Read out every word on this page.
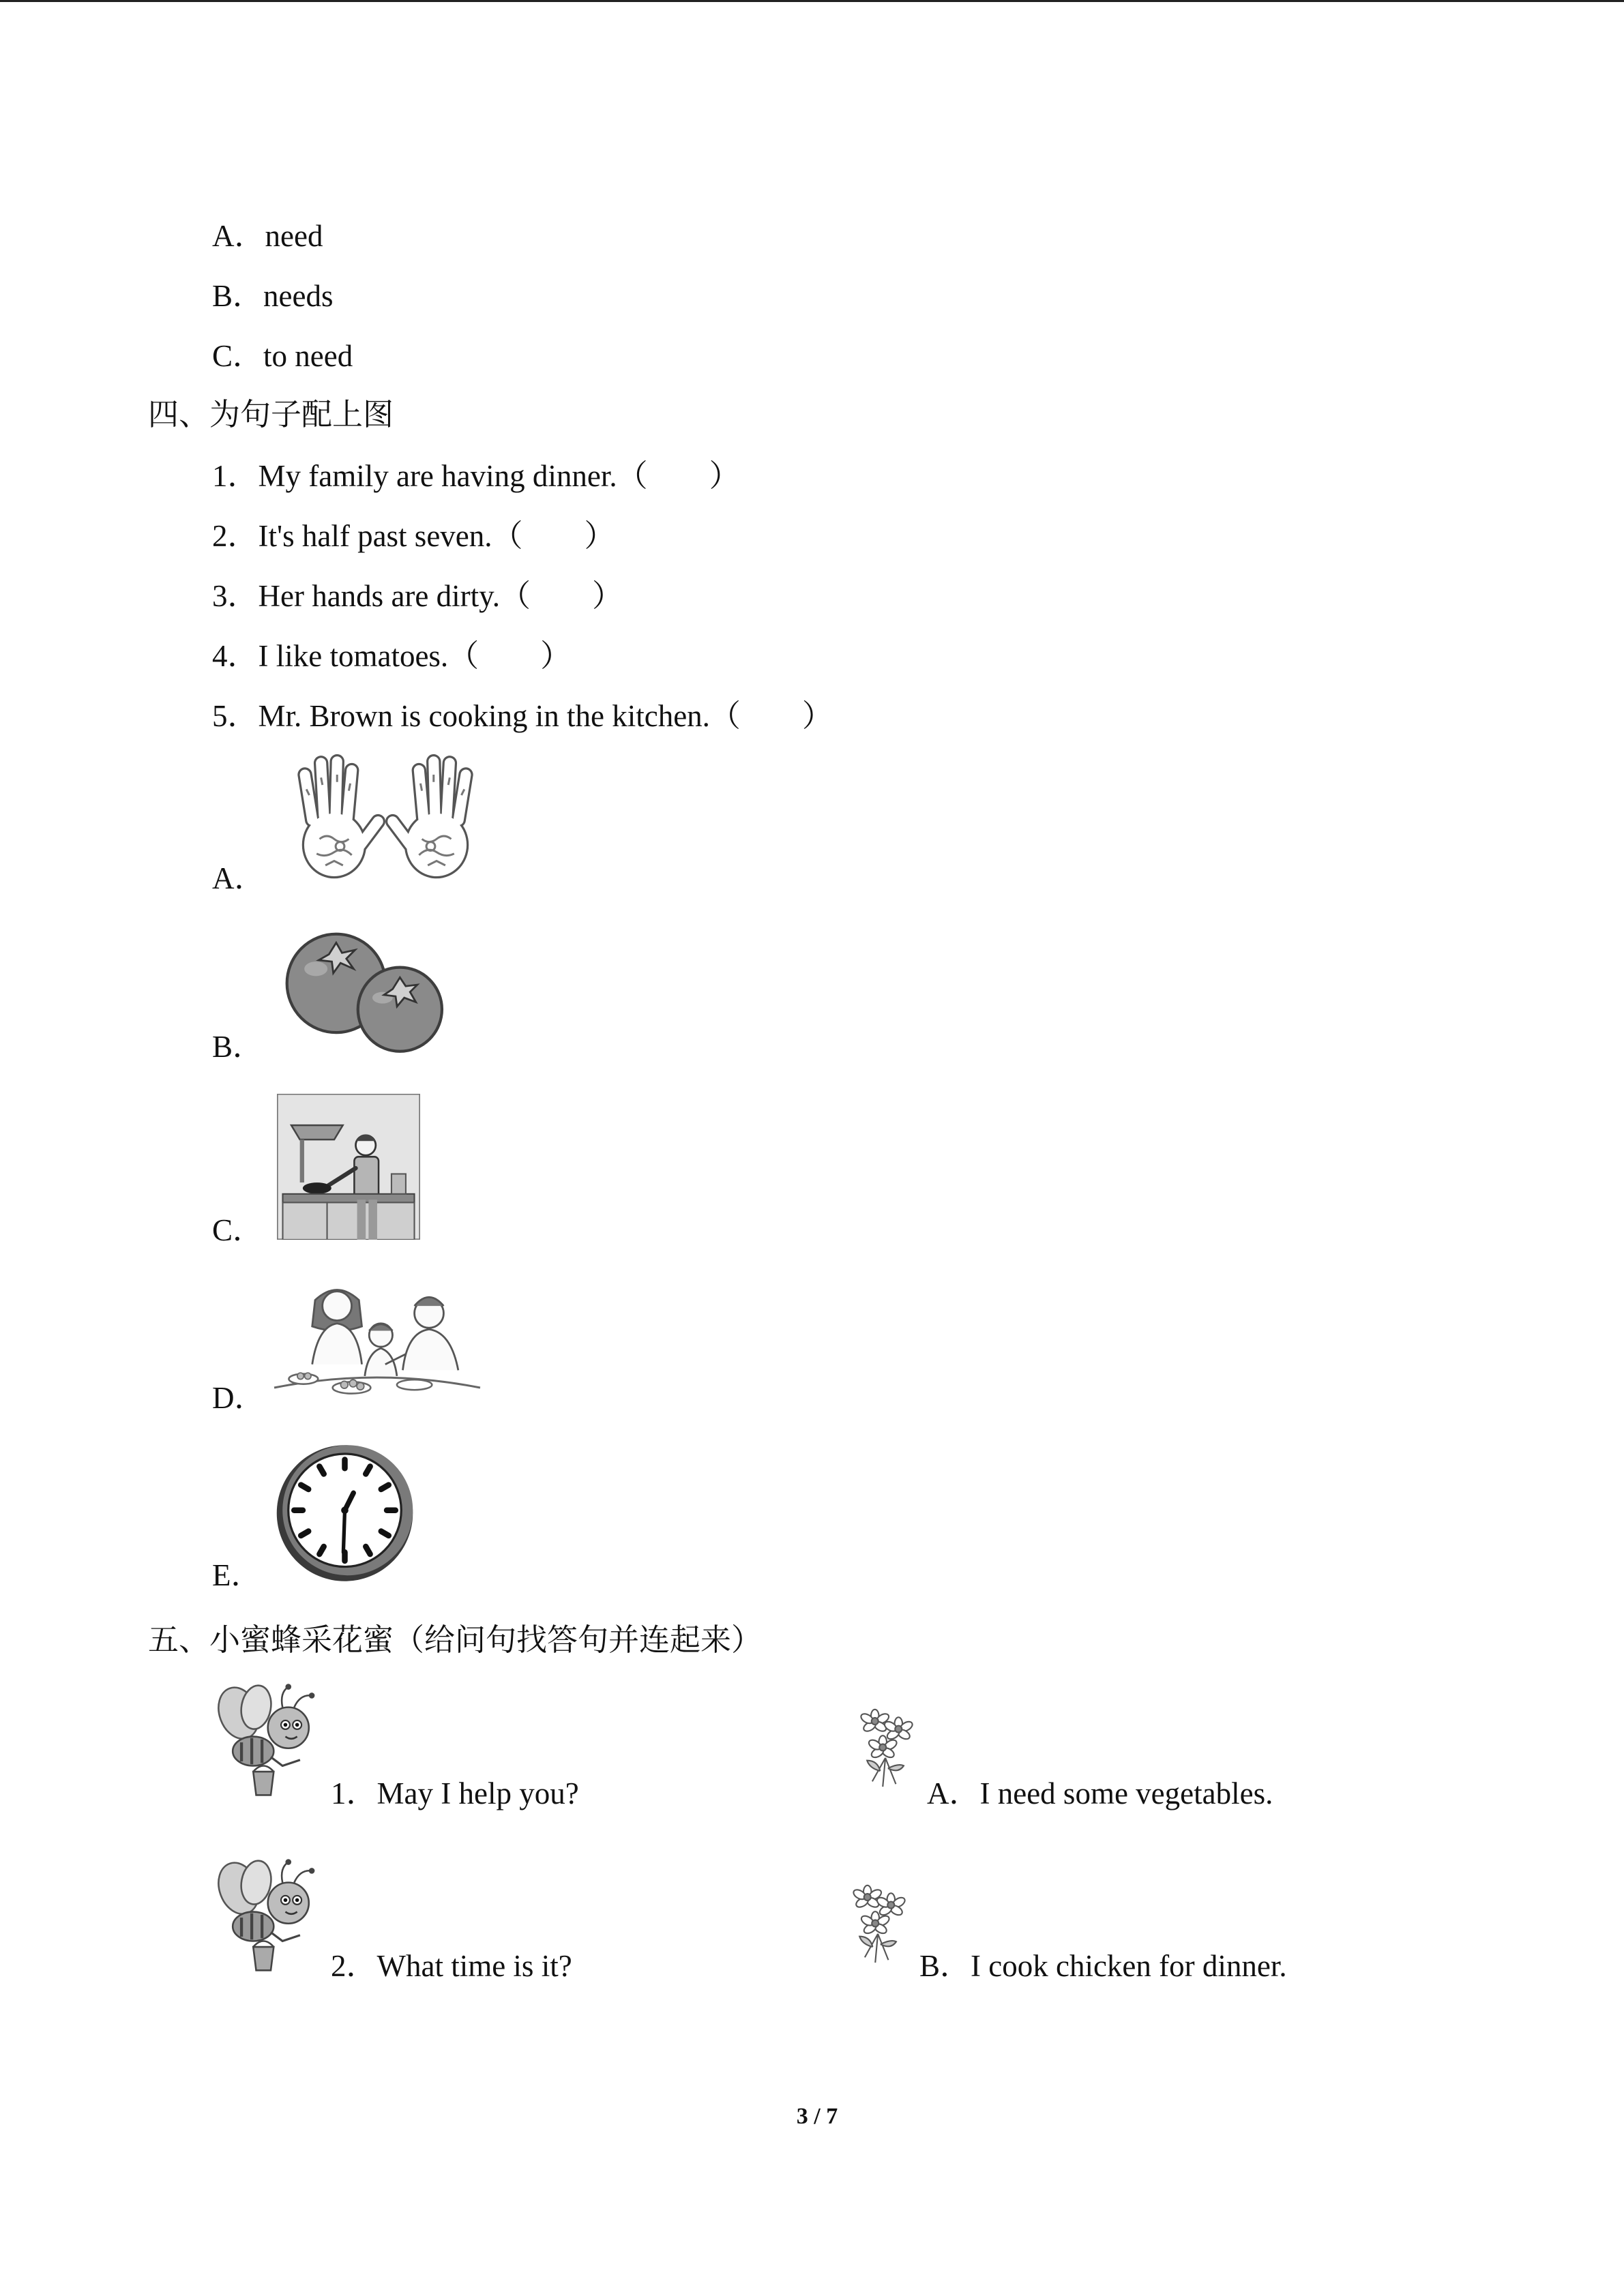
A．need
B．needs
C．to need
四、为句子配上图
1．My family are having dinner.（　　）
2．It's half past seven.（　　）
3．Her hands are dirty.（　　）
4．I like tomatoes.（　　）
5．Mr. Brown is cooking in the kitchen.（　　）
A．
B．
C．
D．
E．
五、小蜜蜂采花蜜（给问句找答句并连起来）
1．May I help you?	A．I need some vegetables.
2．What time is it?	B．I cook chicken for dinner.
3 / 7
